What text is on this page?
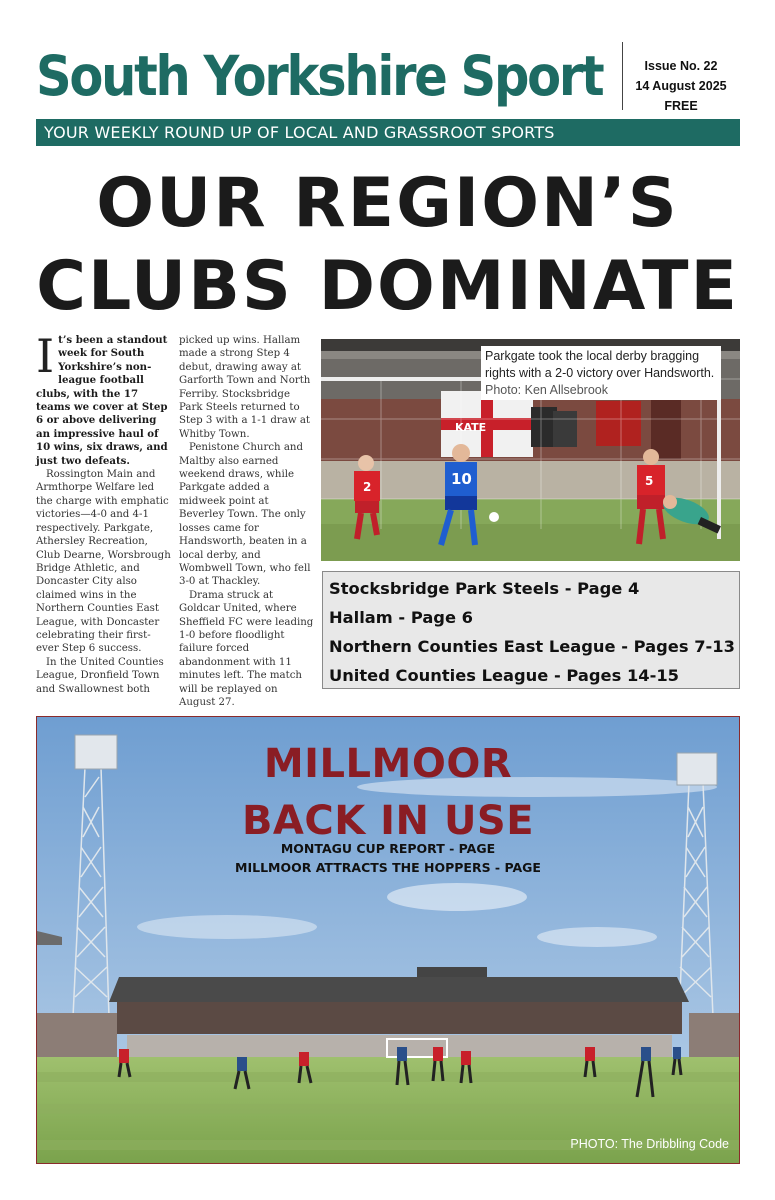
South Yorkshire Sport	Issue No. 22
14 August 2025
FREE
YOUR WEEKLY ROUND UP OF LOCAL AND GRASSROOT SPORTS
OUR REGION’S
CLUBS DOMINATE

It’s been a standout week for South Yorkshire’s non-league football clubs, with the 17 teams we cover at Step 6 or above delivering an impressive haul of 10 wins, six draws, and just two defeats.

Rossington Main and Armthorpe Welfare led the charge with emphatic victories—4-0 and 4-1 respectively. Parkgate, Athersley Recreation, Club Dearne, Worsbrough Bridge Athletic, and Doncaster City also claimed wins in the Northern Counties East League, with Doncaster celebrating their first-ever Step 6 success.

In the United Counties League, Dronfield Town and Swallownest both

picked up wins. Hallam made a strong Step 4 debut, drawing away at Garforth Town and North Ferriby. Stocksbridge Park Steels returned to Step 3 with a 1-1 draw at Whitby Town.

Penistone Church and Maltby also earned weekend draws, while Parkgate added a midweek point at Beverley Town. The only losses came for Handsworth, beaten in a local derby, and Wombwell Town, who fell 3-0 at Thackley.

Drama struck at Goldcar United, where Sheffield FC were leading 1-0 before floodlight failure forced abandonment with 11 minutes left. The match will be replayed on August 27.

KATE
2	10	5
Parkgate took the local derby bragging rights with a 2-0 victory over Handsworth. Photo: Ken Allsebrook
Stocksbridge Park Steels - Page 4
Hallam - Page 6
Northern Counties East League - Pages 7-13
United Counties League - Pages 14-15
MILLMOOR
BACK IN USE
MONTAGU CUP REPORT - PAGE
MILLMOOR ATTRACTS THE HOPPERS - PAGE
PHOTO: The Dribbling Code
